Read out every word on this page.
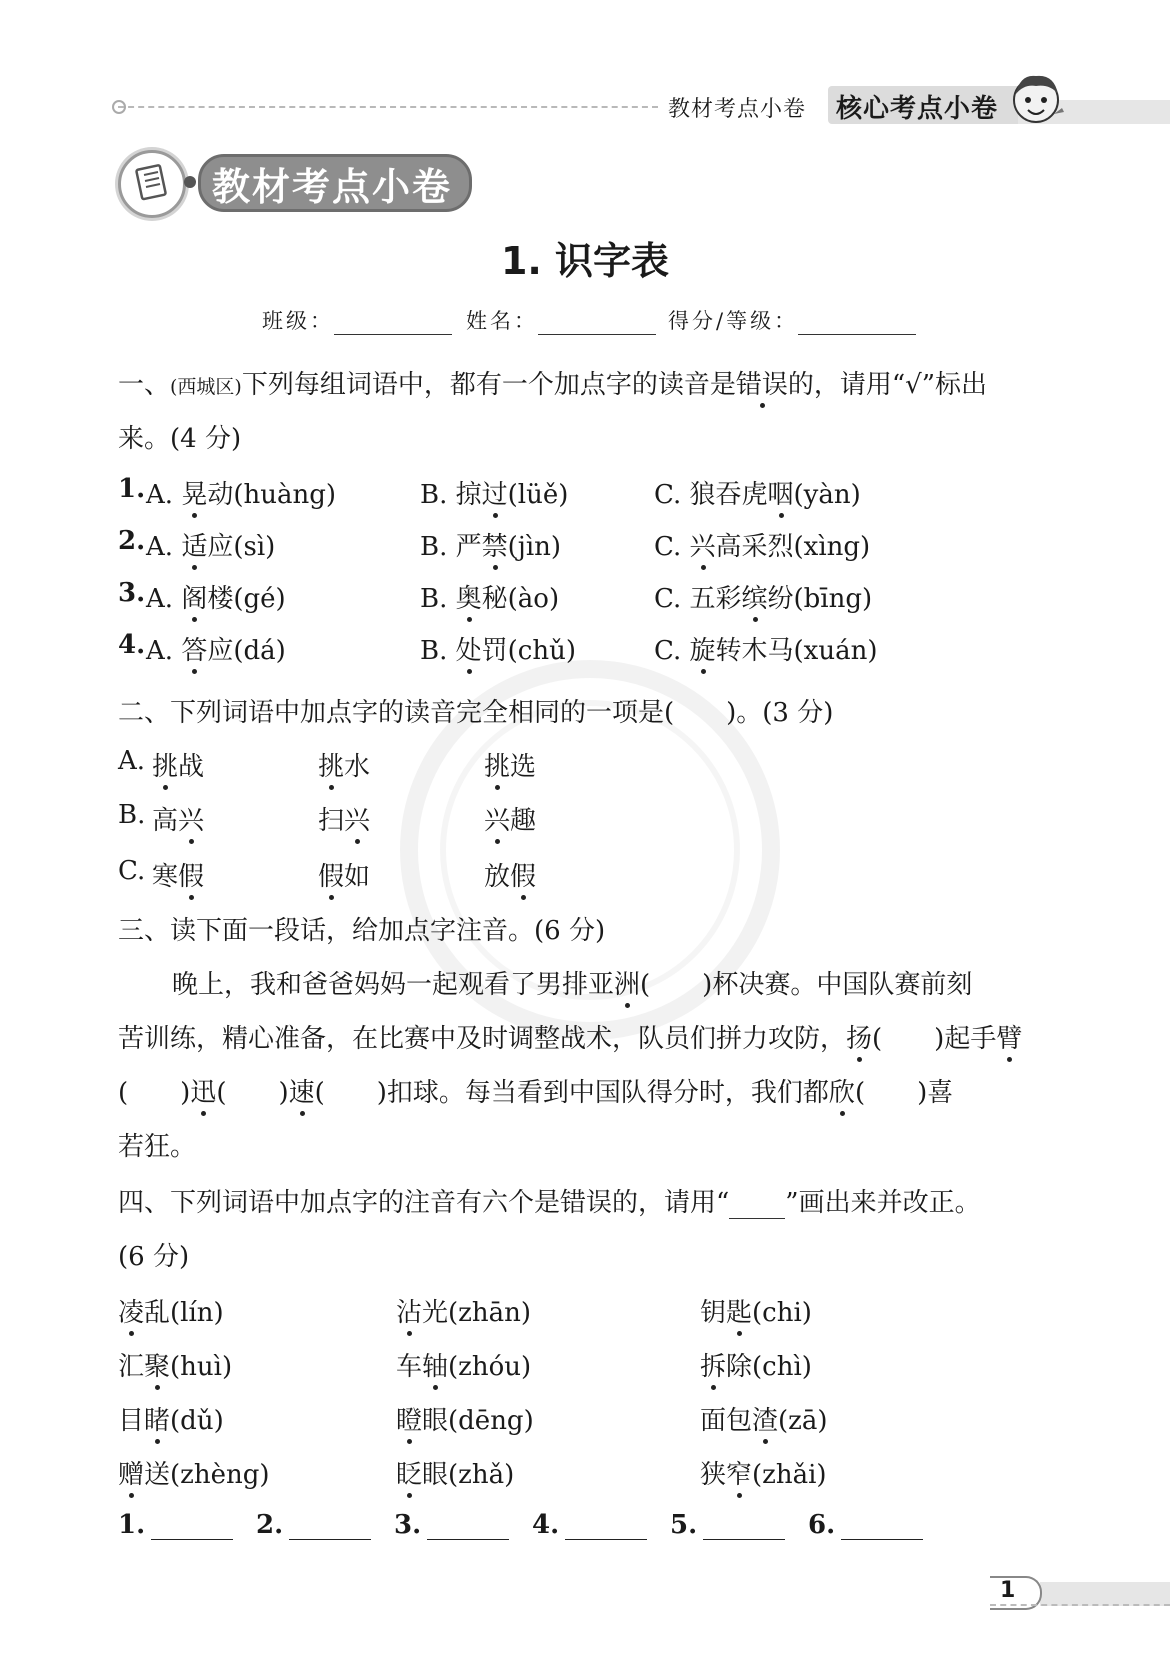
教材考点小卷 核心考点小卷
教材考点小卷
1. 识字表
班级：	姓名：	得分/等级：
一、(西城区)下列每组词语中，都有一个加点字的读音是错误的，请用“√”标出
来。(4 分)
1. A. 晃动(huàng)	B. 掠过(lüě)	C. 狼吞虎咽(yàn)
2. A. 适应(sì)	B. 严禁(jìn)	C. 兴高采烈(xìng)
3. A. 阁楼(gé)	B. 奥秘(ào)	C. 五彩缤纷(bīng)
4. A. 答应(dá)	B. 处罚(chǔ)	C. 旋转木马(xuán)
二、下列词语中加点字的读音完全相同的一项是(　　)。(3 分)
A. 挑战	挑水	挑选
B. 高兴	扫兴	兴趣
C. 寒假	假如	放假
三、读下面一段话，给加点字注音。(6 分)
晚上，我和爸爸妈妈一起观看了男排亚洲(　　)杯决赛。中国队赛前刻
苦训练，精心准备，在比赛中及时调整战术，队员们拼力攻防，扬(　　)起手臂
(　　)迅(　　)速(　　)扣球。每当看到中国队得分时，我们都欣(　　)喜
若狂。
四、下列词语中加点字的注音有六个是错误的，请用“ ”画出来并改正。
(6 分)
凌乱(lín)	沾光(zhān)	钥匙(chi)
汇聚(huì)	车轴(zhóu)	拆除(chì)
目睹(dǔ)	瞪眼(dēng)	面包渣(zā)
赠送(zhèng)	眨眼(zhǎ)	狭窄(zhǎi)
1.	2.	3.	4.	5.	6.
1
